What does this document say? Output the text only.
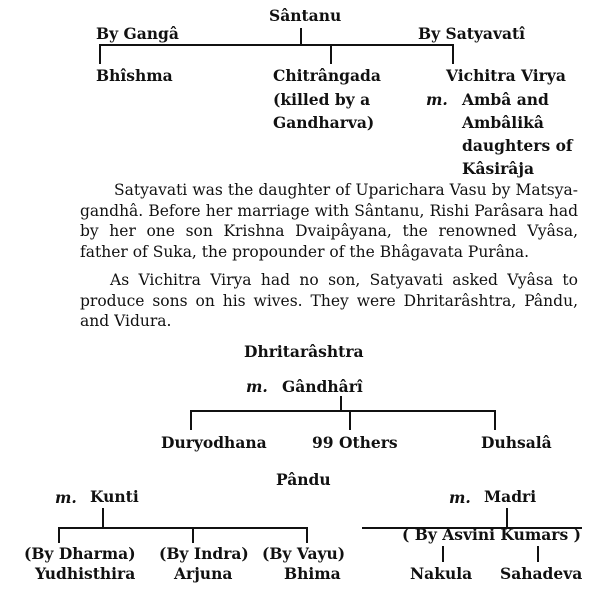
Sântanu
By Gangâ	By Satyavatî
Bhîshma	Chitrângada
(killed by a
Gandharva)
Vichitra Virya
m. Ambâ and
Ambâlikâ
daughters of
Kâsirâja

Satyavati was the daughter of Uparichara Vasu by Matsyagandhâ. Before her marriage with Sântanu, Rishi Parâsara had by her one son Krishna Dvaipâyana, the renowned Vyâsa, father of Suka, the propounder of the Bhâgavata Purâna.

As Vichitra Virya had no son, Satyavati asked Vyâsa to produce sons on his wives. They were Dhritarâshtra, Pându, and Vidura.

Dhritarâshtra
m. Gândhârî
Duryodhana	99 Others	Duhsalâ
Pându
m. Kunti	m. Madri
(By Dharma)
Yudhisthira
(By Indra)
Arjuna
(By Vayu)
Bhima
( By Asvini Kumars )
Nakula Sahadeva
